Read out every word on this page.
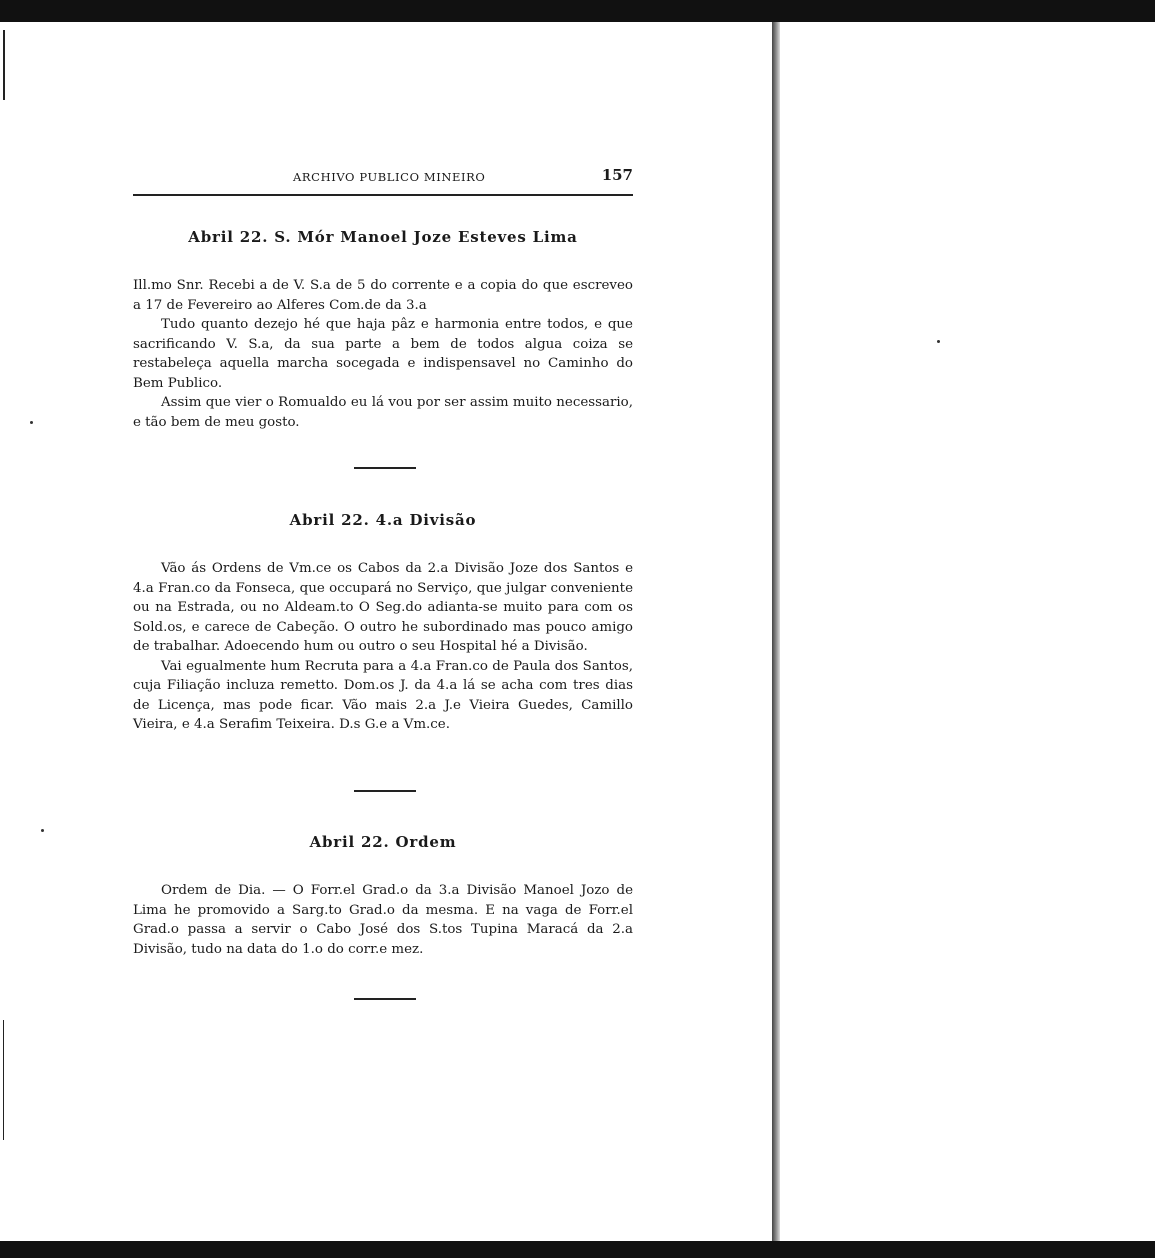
ARCHIVO PUBLICO MINEIRO	157
Abril 22. S. Mór Manoel Joze Esteves Lima

Ill.mo Snr. Recebi a de V. S.a de 5 do corrente e a copia do que escreveo a 17 de Fevereiro ao Alferes Com.de da 3.a

Tudo quanto dezejo hé que haja pâz e harmonia entre todos, e que sacrificando V. S.a, da sua parte a bem de todos algua coiza se restabeleça aquella marcha socegada e indispensavel no Caminho do Bem Publico.

Assim que vier o Romualdo eu lá vou por ser assim muito necessario, e tão bem de meu gosto.

Abril 22. 4.a Divisão

Vão ás Ordens de Vm.ce os Cabos da 2.a Divisão Joze dos Santos e 4.a Fran.co da Fonseca, que occupará no Serviço, que julgar conveniente ou na Estrada, ou no Aldeam.to O Seg.do adianta-se muito para com os Sold.os, e carece de Cabeção. O outro he subordinado mas pouco amigo de trabalhar. Adoecendo hum ou outro o seu Hospital hé a Divisão.

Vai egualmente hum Recruta para a 4.a Fran.co de Paula dos Santos, cuja Filiação incluza remetto. Dom.os J. da 4.a lá se acha com tres dias de Licença, mas pode ficar. Vão mais 2.a J.e Vieira Guedes, Camillo Vieira, e 4.a Serafim Teixeira. D.s G.e a Vm.ce.

Abril 22. Ordem

Ordem de Dia. — O Forr.el Grad.o da 3.a Divisão Manoel Jozo de Lima he promovido a Sarg.to Grad.o da mesma. E na vaga de Forr.el Grad.o passa a servir o Cabo José dos S.tos Tupina Maracá da 2.a Divisão, tudo na data do 1.o do corr.e mez.
